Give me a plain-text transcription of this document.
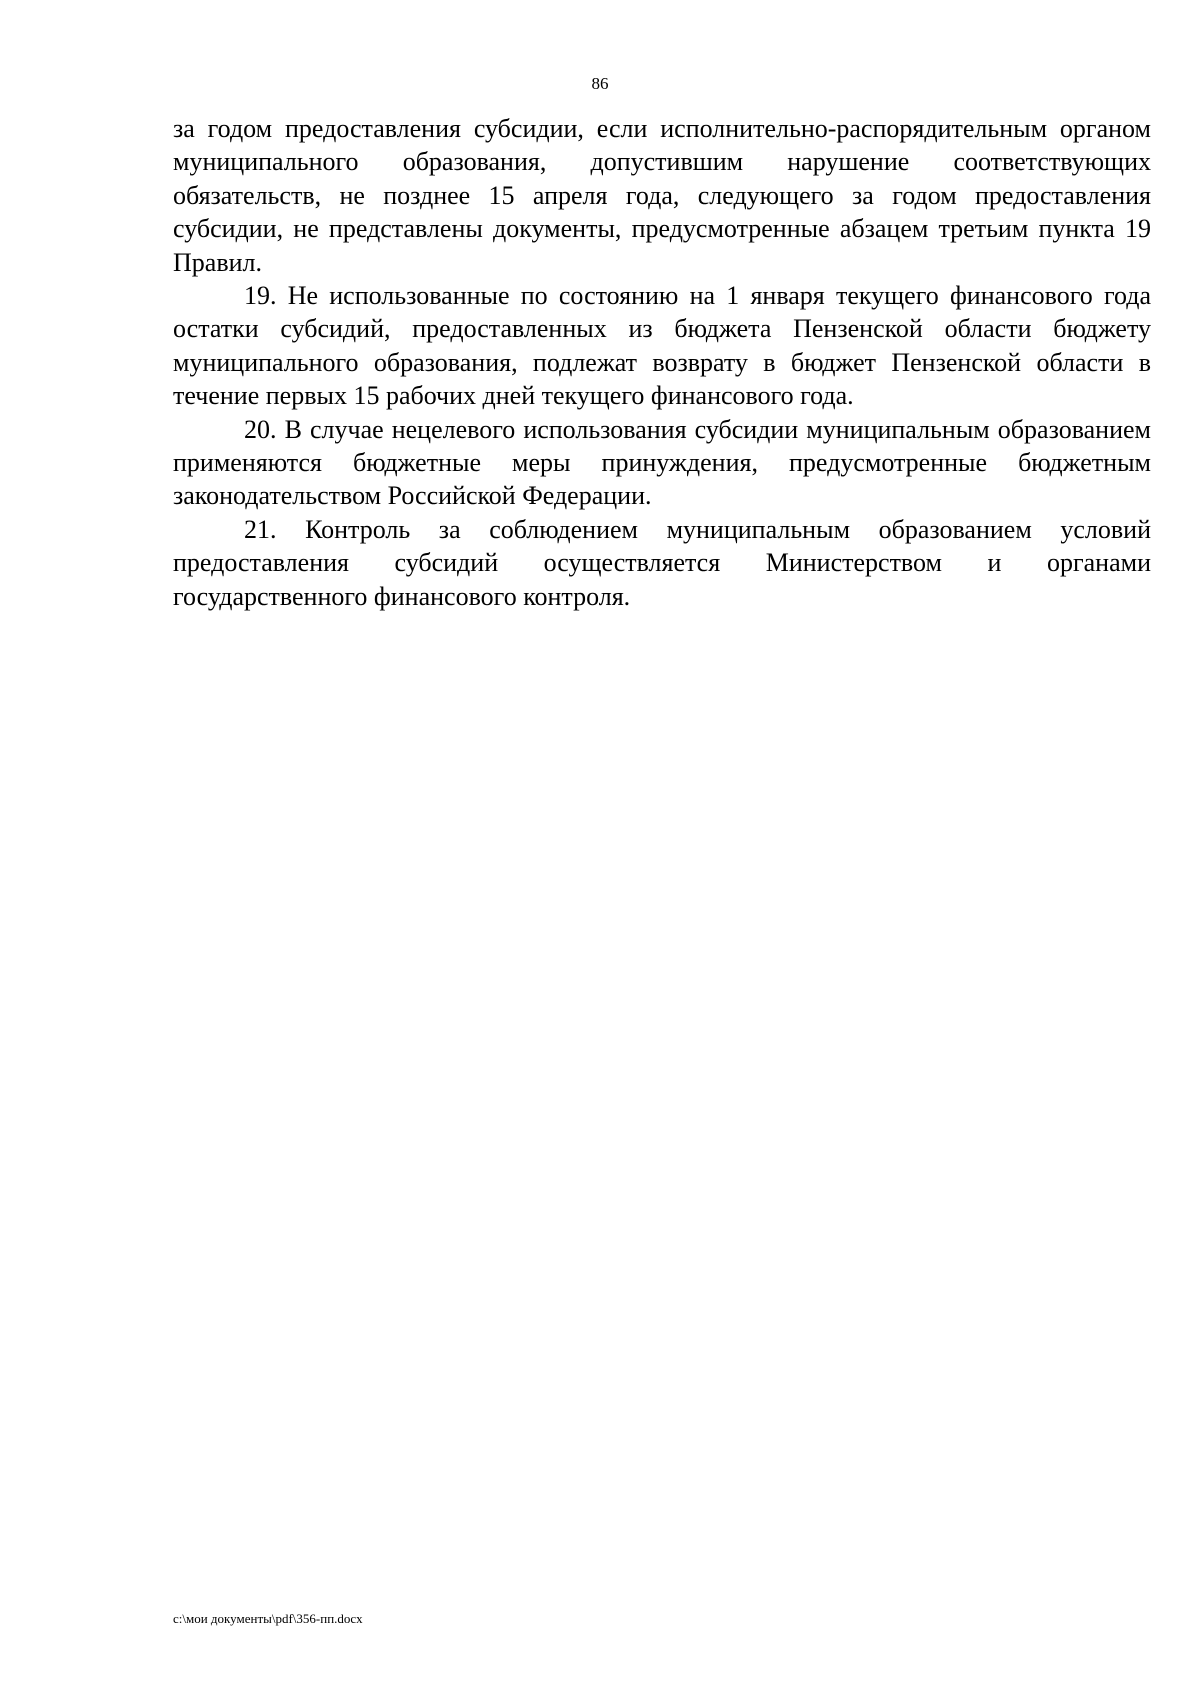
86

за годом предоставления субсидии, если исполнительно-распорядительным органом муниципального образования, допустившим нарушение соответствующих обязательств, не позднее 15 апреля года, следующего за годом предоставления субсидии, не представлены документы, предусмотренные абзацем третьим пункта 19 Правил.

19. Не использованные по состоянию на 1 января текущего финансового года остатки субсидий, предоставленных из бюджета Пензенской области бюджету муниципального образования, подлежат возврату в бюджет Пензенской области в течение первых 15 рабочих дней текущего финансового года.

20. В случае нецелевого использования субсидии муниципальным образованием применяются бюджетные меры принуждения, предусмотренные бюджетным законодательством Российской Федерации.

21. Контроль за соблюдением муниципальным образованием условий предоставления субсидий осуществляется Министерством и органами государственного финансового контроля.

c:\мои документы\pdf\356-пп.docx
